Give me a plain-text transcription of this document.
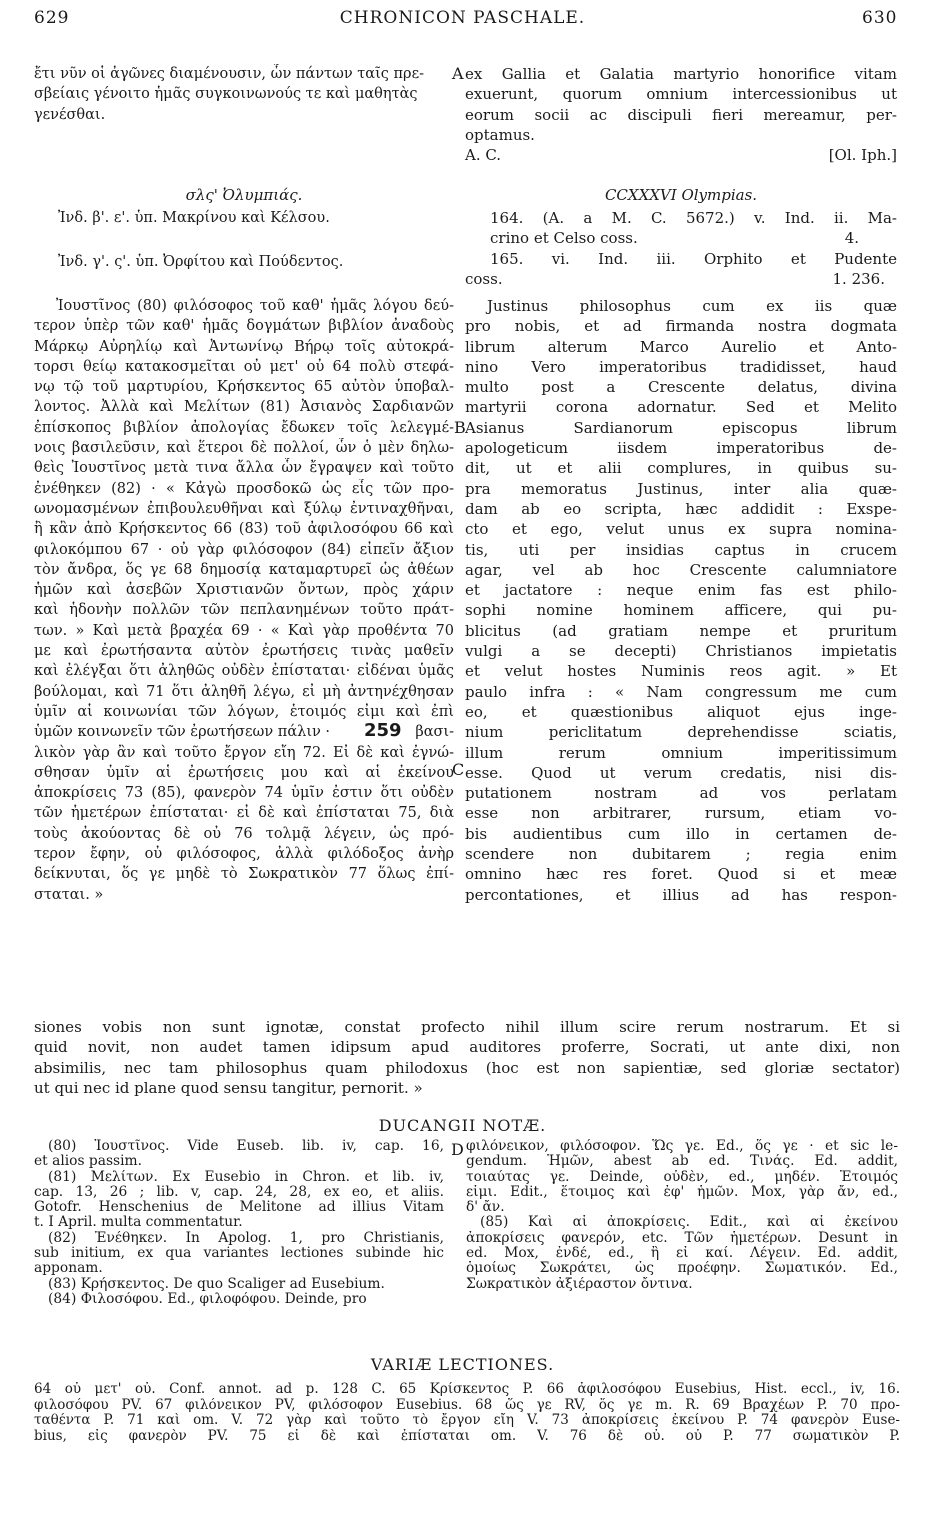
629	CHRONICON PASCHALE.	630
A
B
C
D
ἔτι νῦν οἱ ἀγῶνες διαμένουσιν, ὧν πάντων ταῖς πρε-
σβείαις γένοιτο ἡμᾶς συγκοινωνούς τε καὶ μαθητὰς
γενέσθαι.
ex Gallia et Galatia martyrio honorifice vitam
exuerunt, quorum omnium intercessionibus ut
eorum socii ac discipuli fieri mereamur, per-
optamus.
A. C.	[Ol. Iph.]
σλς' Ὀλυμπιάς.	CCXXXVI Olympias.
Ἰνδ. β'. ε'. ὑπ. Μακρίνου καὶ Κέλσου.
Ἰνδ. γ'. ς'. ὑπ. Ὀρφίτου καὶ Πούδεντος.
164. (A. a M. C. 5672.) v. Ind. ii. Ma-
crino et Celso coss.	4.
165. vi. Ind. iii. Orphito et Pudente
coss.	1. 236.
Ἰουστῖνος (80) φιλόσοφος τοῦ καθ' ἡμᾶς λόγου δεύ-
τερον ὑπὲρ τῶν καθ' ἡμᾶς δογμάτων βιβλίον ἀναδοὺς
Μάρκῳ Αὐρηλίῳ καὶ Ἀντωνίνῳ Βήρῳ τοῖς αὐτοκρά-
τορσι θείῳ κατακοσμεῖται οὐ μετ' οὐ 64 πολὺ στεφά-
νῳ τῷ τοῦ μαρτυρίου, Κρήσκεντος 65 αὐτὸν ὑποβαλ-
λοντος. Ἀλλὰ καὶ Μελίτων (81) Ἀσιανὸς Σαρδιανῶν
ἐπίσκοπος βιβλίον ἀπολογίας ἔδωκεν τοῖς λελεγμέ-
νοις βασιλεῦσιν, καὶ ἕτεροι δὲ πολλοί, ὧν ὁ μὲν δηλω-
θεὶς Ἰουστῖνος μετὰ τινα ἄλλα ὧν ἔγραψεν καὶ τοῦτο
ἐνέθηκεν (82) · « Κἀγὼ προσδοκῶ ὡς εἷς τῶν προ-
ωνομασμένων ἐπιβουλευθῆναι καὶ ξύλῳ ἐντιναχθῆναι,
ἢ κἂν ἀπὸ Κρήσκεντος 66 (83) τοῦ ἀφιλοσόφου 66 καὶ
φιλοκόμπου 67 · οὐ γὰρ φιλόσοφον (84) εἰπεῖν ἄξιον
τὸν ἄνδρα, ὅς γε 68 δημοσίᾳ καταμαρτυρεῖ ὡς ἀθέων
ἡμῶν καὶ ἀσεβῶν Χριστιανῶν ὄντων, πρὸς χάριν
καὶ ἡδονὴν πολλῶν τῶν πεπλανημένων τοῦτο πράτ-
των. » Καὶ μετὰ βραχέα 69 · « Καὶ γὰρ προθέντα 70
με καὶ ἐρωτήσαντα αὐτὸν ἐρωτήσεις τινὰς μαθεῖν
καὶ ἐλέγξαι ὅτι ἀληθῶς οὐδὲν ἐπίσταται· εἰδέναι ὑμᾶς
βούλομαι, καὶ 71 ὅτι ἀληθῆ λέγω, εἰ μὴ ἀντηνέχθησαν
ὑμῖν αἱ κοινωνίαι τῶν λόγων, ἑτοιμός εἰμι καὶ ἐπὶ
ὑμῶν κοινωνεῖν τῶν ἐρωτήσεων πάλιν · 259 βασι-
λικὸν γὰρ ἂν καὶ τοῦτο ἔργον εἴη 72. Εἰ δὲ καὶ ἐγνώ-
σθησαν ὑμῖν αἱ ἐρωτήσεις μου καὶ αἱ ἐκείνου
ἀποκρίσεις 73 (85), φανερὸν 74 ὑμῖν ἐστιν ὅτι οὐδὲν
τῶν ἡμετέρων ἐπίσταται· εἰ δὲ καὶ ἐπίσταται 75, διὰ
τοὺς ἀκούοντας δὲ οὐ 76 τολμᾷ λέγειν, ὡς πρό-
τερον ἔφην, οὐ φιλόσοφος, ἀλλὰ φιλόδοξος ἀνὴρ
δείκνυται, ὅς γε μηδὲ τὸ Σωκρατικὸν 77 ὅλως ἐπί-
σταται. »
Justinus philosophus cum ex iis quæ
pro nobis, et ad firmanda nostra dogmata
librum alterum Marco Aurelio et Anto-
nino Vero imperatoribus tradidisset, haud
multo post a Crescente delatus, divina
martyrii corona adornatur. Sed et Melito
Asianus Sardianorum episcopus librum
apologeticum iisdem imperatoribus de-
dit, ut et alii complures, in quibus su-
pra memoratus Justinus, inter alia quæ-
dam ab eo scripta, hæc addidit : Exspe-
cto et ego, velut unus ex supra nomina-
tis, uti per insidias captus in crucem
agar, vel ab hoc Crescente calumniatore
et jactatore : neque enim fas est philo-
sophi nomine hominem afficere, qui pu-
blicitus (ad gratiam nempe et pruritum
vulgi a se decepti) Christianos impietatis
et velut hostes Numinis reos agit. » Et
paulo infra : « Nam congressum me cum
eo, et quæstionibus aliquot ejus inge-
nium periclitatum deprehendisse sciatis,
illum rerum omnium imperitissimum
esse. Quod ut verum credatis, nisi dis-
putationem nostram ad vos perlatam
esse non arbitrarer, rursum, etiam vo-
bis audientibus cum illo in certamen de-
scendere non dubitarem ; regia enim
omnino hæc res foret. Quod si et meæ
percontationes, et illius ad has respon-
siones vobis non sunt ignotæ, constat profecto nihil illum scire rerum nostrarum. Et si
quid novit, non audet tamen idipsum apud auditores proferre, Socrati, ut ante dixi, non
absimilis, nec tam philosophus quam philodoxus (hoc est non sapientiæ, sed gloriæ sectator)
ut qui nec id plane quod sensu tangitur, pernorit. »
DUCANGII NOTÆ.
(80) Ἰουστῖνος. Vide Euseb. lib. iv, cap. 16,
et alios passim.
(81) Μελίτων. Ex Eusebio in Chron. et lib. iv,
cap. 13, 26 ; lib. v, cap. 24, 28, ex eo, et aliis.
Gotofr. Henschenius de Melitone ad illius Vitam
t. I April. multa commentatur.
(82) Ἐνέθηκεν. In Apolog. 1, pro Christianis,
sub initium, ex qua variantes lectiones subinde hic
apponam.
(83) Κρήσκεντος. De quo Scaliger ad Eusebium.
(84) Φιλοσόφου. Ed., φιλοφόφου. Deinde, pro
φιλόνεικον, φιλόσοφον. Ὥς γε. Ed., ὅς γε · et sic le-
gendum. Ἡμῶν, abest ab ed. Τινάς. Ed. addit,
τοιαύτας γε. Deinde, οὐδὲν, ed., μηδέν. Ἑτοιμός
εἰμι. Edit., ἕτοιμος καὶ ἐφ' ἡμῶν. Mox, γὰρ ἄν, ed.,
δ' ἄν.
(85) Καὶ αἱ ἀποκρίσεις. Edit., καὶ αἱ ἐκείνου
ἀποκρίσεις φανερόν, etc. Τῶν ἡμετέρων. Desunt in
ed. Mox, ἐνδέ, ed., ἢ εἰ καί. Λέγειν. Ed. addit,
ὁμοίως Σωκράτει, ὡς προέφην. Σωματικόν. Ed.,
Σωκρατικὸν ἀξιέραστον ὄντινα.
VARIÆ LECTIONES.
64 οὐ μετ' οὐ. Conf. annot. ad p. 128 C. 65 Κρίσκεντος P. 66 ἀφιλοσόφου Eusebius, Hist. eccl., iv, 16.
φιλοσόφου PV. 67 φιλόνεικον PV, φιλόσοφον Eusebius. 68 ὥς γε RV, ὅς γε m. R. 69 Βραχέων P. 70 προ-
ταθέντα P. 71 καὶ om. V. 72 γὰρ καὶ τοῦτο τὸ ἔργον εἴη V. 73 ἀποκρίσεις ἐκείνου P. 74 φανερὸν Euse-
bius, εἰς φανερὸν PV. 75 εἰ δὲ καὶ ἐπίσταται om. V. 76 δὲ οὐ. οὐ P. 77 σωματικὸν P.
